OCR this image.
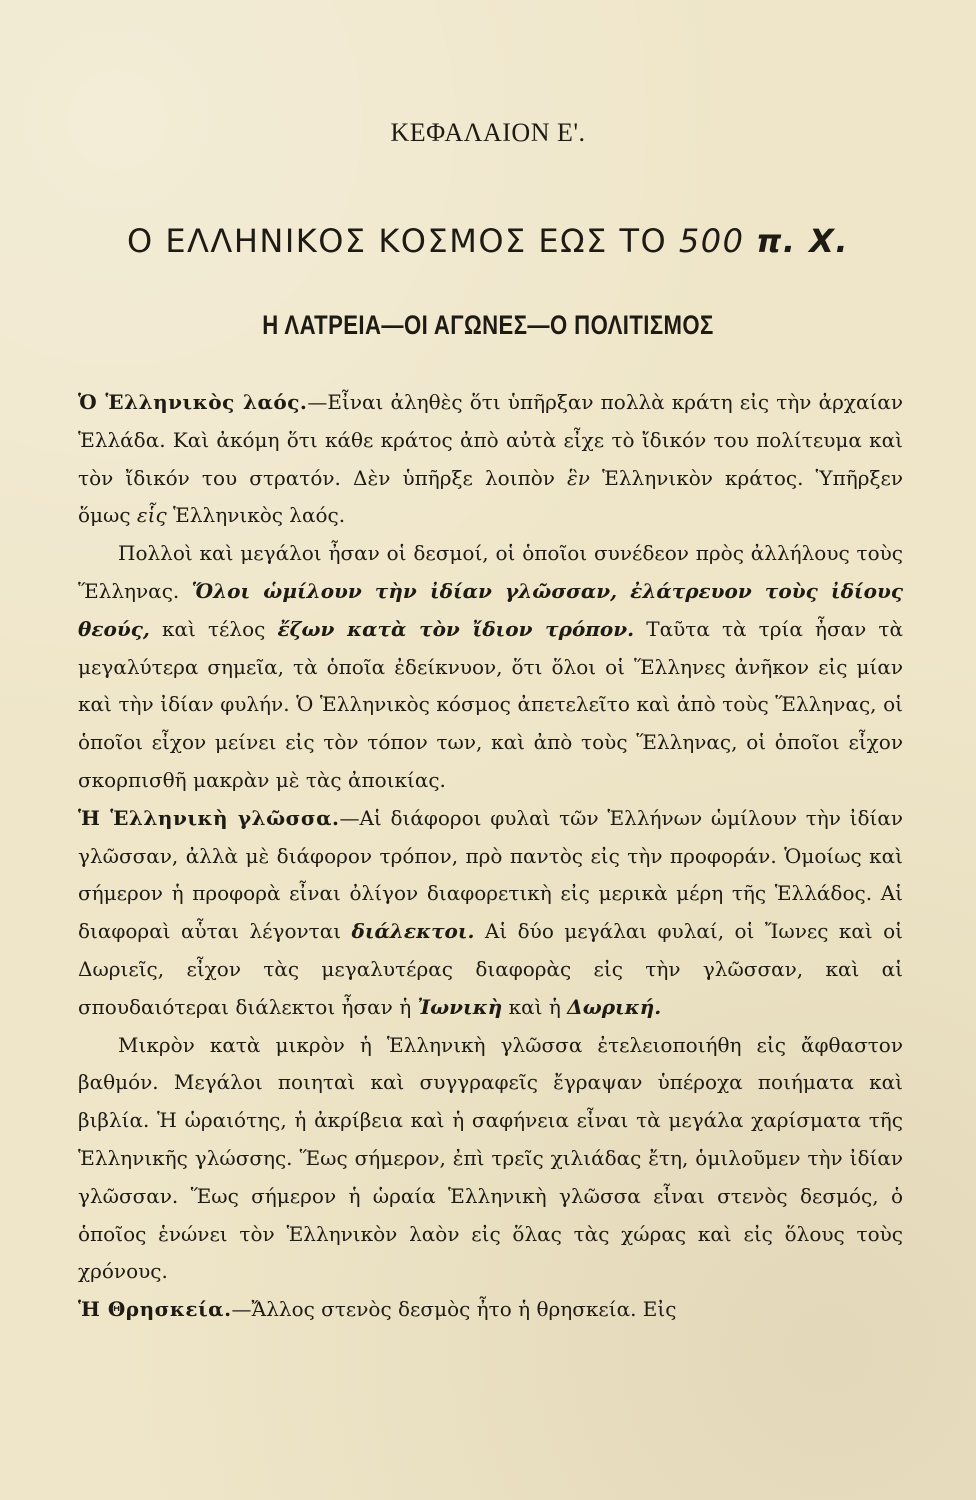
ΚΕΦΑΛΑΙΟΝ Ε'.
Ο ΕΛΛΗΝΙΚΟΣ ΚΟΣΜΟΣ ΕΩΣ ΤΟ 500 π. Χ.
Η ΛΑΤΡΕΙΑ—ΟΙ ΑΓΩΝΕΣ—Ο ΠΟΛΙΤΙΣΜΟΣ

Ὁ Ἑλληνικὸς λαός.—Εἶναι ἀληθὲς ὅτι ὑπῆρξαν πολλὰ κράτη εἰς τὴν ἀρχαίαν Ἑλλάδα. Καὶ ἀκόμη ὅτι κάθε κράτος ἀπὸ αὐτὰ εἶχε τὸ ἴδικόν του πολίτευμα καὶ τὸν ἴδικόν του στρατόν. Δὲν ὑπῆρξε λοιπὸν ἓν Ἑλληνικὸν κράτος. Ὑπῆρξεν ὅμως εἷς Ἑλληνικὸς λαός.

Πολλοὶ καὶ μεγάλοι ἦσαν οἱ δεσμοί, οἱ ὁποῖοι συνέδεον πρὸς ἀλλήλους τοὺς Ἕλληνας. Ὅλοι ὡμίλουν τὴν ἰδίαν γλῶσσαν, ἐλάτρευον τοὺς ἰδίους θεούς, καὶ τέλος ἔζων κατὰ τὸν ἴδιον τρόπον. Ταῦτα τὰ τρία ἦσαν τὰ μεγαλύτερα σημεῖα, τὰ ὁποῖα ἐδείκνυον, ὅτι ὅλοι οἱ Ἕλληνες ἀνῆκον εἰς μίαν καὶ τὴν ἰδίαν φυλήν. Ὁ Ἑλληνικὸς κόσμος ἀπετελεῖτο καὶ ἀπὸ τοὺς Ἕλληνας, οἱ ὁποῖοι εἶχον μείνει εἰς τὸν τόπον των, καὶ ἀπὸ τοὺς Ἕλληνας, οἱ ὁποῖοι εἶχον σκορπισθῆ μακρὰν μὲ τὰς ἀποικίας.

Ἡ Ἑλληνικὴ γλῶσσα.—Αἱ διάφοροι φυλαὶ τῶν Ἑλλήνων ὡμίλουν τὴν ἰδίαν γλῶσσαν, ἀλλὰ μὲ διάφορον τρόπον, πρὸ παντὸς εἰς τὴν προφοράν. Ὁμοίως καὶ σήμερον ἡ προφορὰ εἶναι ὀλίγον διαφορετικὴ εἰς μερικὰ μέρη τῆς Ἑλλάδος. Αἱ διαφοραὶ αὗται λέγονται διάλεκτοι. Αἱ δύο μεγάλαι φυλαί, οἱ Ἴωνες καὶ οἱ Δωριεῖς, εἶχον τὰς μεγαλυτέρας διαφορὰς εἰς τὴν γλῶσσαν, καὶ αἱ σπουδαιότεραι διάλεκτοι ἦσαν ἡ Ἰωνικὴ καὶ ἡ Δωρική.

Μικρὸν κατὰ μικρὸν ἡ Ἑλληνικὴ γλῶσσα ἐτελειοποιήθη εἰς ἄφθαστον βαθμόν. Μεγάλοι ποιηταὶ καὶ συγγραφεῖς ἔγραψαν ὑπέροχα ποιήματα καὶ βιβλία. Ἡ ὡραιότης, ἡ ἀκρίβεια καὶ ἡ σαφήνεια εἶναι τὰ μεγάλα χαρίσματα τῆς Ἑλληνικῆς γλώσσης. Ἕως σήμερον, ἐπὶ τρεῖς χιλιάδας ἔτη, ὁμιλοῦμεν τὴν ἰδίαν γλῶσσαν. Ἕως σήμερον ἡ ὡραία Ἑλληνικὴ γλῶσσα εἶναι στενὸς δεσμός, ὁ ὁποῖος ἑνώνει τὸν Ἑλληνικὸν λαὸν εἰς ὅλας τὰς χώρας καὶ εἰς ὅλους τοὺς χρόνους.

Ἡ Θρησκεία.—Ἄλλος στενὸς δεσμὸς ἦτο ἡ θρησκεία. Εἰς
